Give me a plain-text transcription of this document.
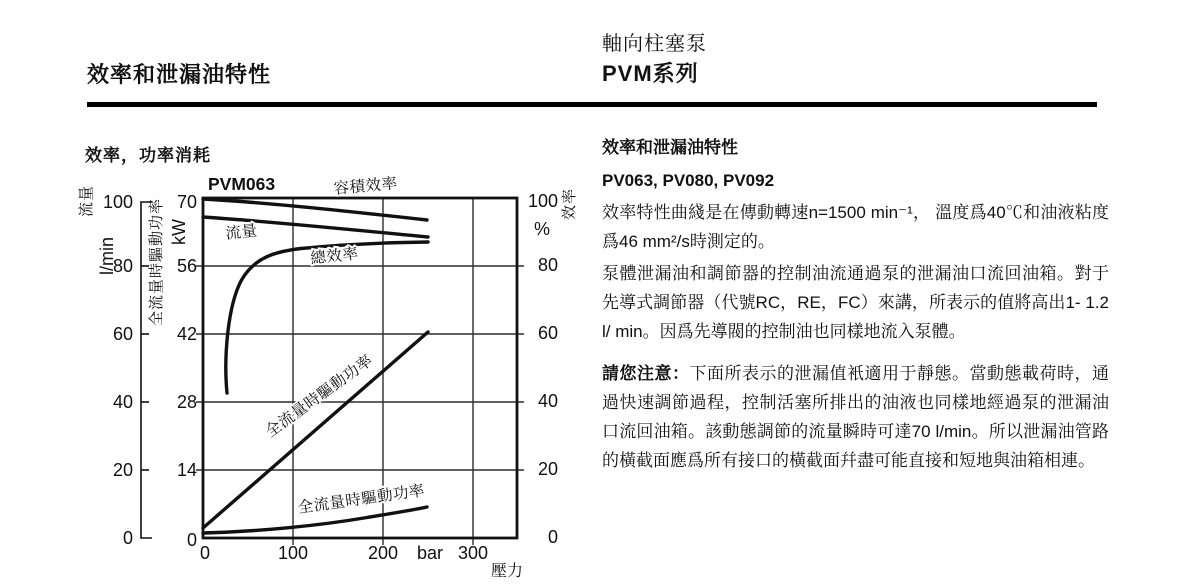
效率和泄漏油特性
軸向柱塞泵
PVM系列
效率，功率消耗
PVM063	容積效率
流量
總效率
全流量時驅動功率
全流量時驅動功率
100
80
60
40
20
0
流量
l/min
70
56
42
28
14
0
全流量時驅動功率 kW
100
80
60
40
20
0
%
效率
0	100	200 bar 300
壓力
效率和泄漏油特性
PV063, PV080, PV092

效率特性曲綫是在傳動轉速n=1500 min⁻¹， 溫度爲40℃和油液粘度爲46 mm²/s時測定的。

泵體泄漏油和調節器的控制油流通過泵的泄漏油口流回油箱。對于先導式調節器（代號RC，RE，FC）來講，所表示的值將高出1- 1.2 l/ min。因爲先導閥的控制油也同樣地流入泵體。

請您注意：下面所表示的泄漏值衹適用于靜態。當動態載荷時，通過快速調節過程，控制活塞所排出的油液也同樣地經過泵的泄漏油口流回油箱。該動態調節的流量瞬時可達70 l/min。所以泄漏油管路的橫截面應爲所有接口的橫截面幷盡可能直接和短地與油箱相連。
